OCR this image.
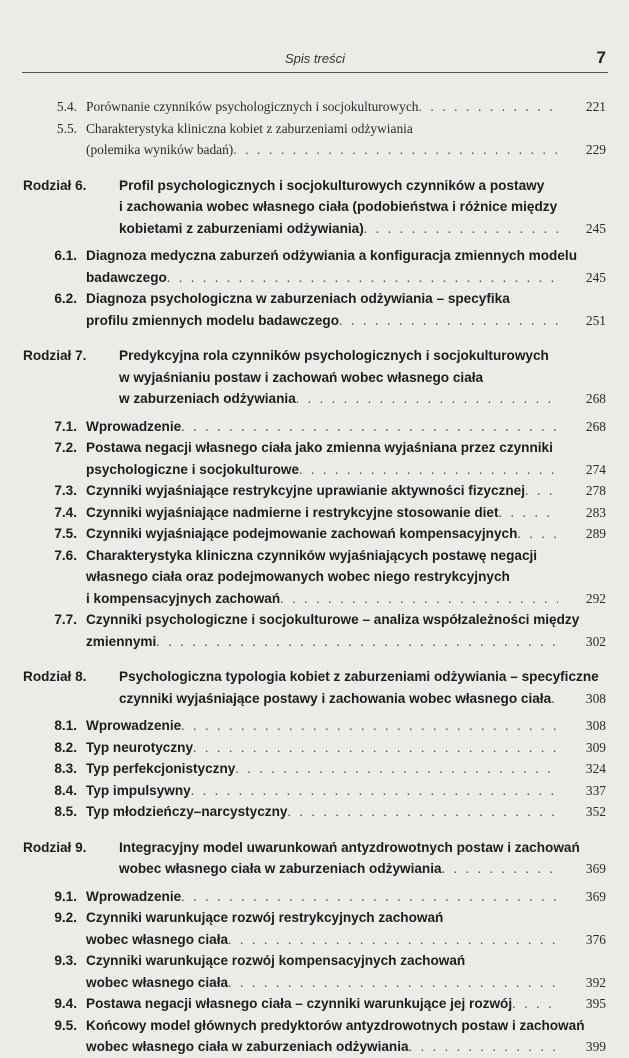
Spis treści	7
5.4. Porównanie czynników psychologicznych i socjokulturowych . . .	221
5.5. Charakterystyka kliniczna kobiet z zaburzeniami odżywiania
(polemika wyników badań) . . .	229
Rodział 6.	Profil psychologicznych i socjokulturowych czynników a postawy
i zachowania wobec własnego ciała (podobieństwa i różnice między
kobietami z zaburzeniami odżywiania) . . .	245
6.1. Diagnoza medyczna zaburzeń odżywiania a konfiguracja zmiennych modelu
badawczego . . .	245
6.2. Diagnoza psychologiczna w zaburzeniach odżywiania – specyfika
profilu zmiennych modelu badawczego . . .	251
Rodział 7.	Predykcyjna rola czynników psychologicznych i socjokulturowych
w wyjaśnianiu postaw i zachowań wobec własnego ciała
w zaburzeniach odżywiania . . .	268
7.1. Wprowadzenie . . .	268
7.2. Postawa negacji własnego ciała jako zmienna wyjaśniana przez czynniki
psychologiczne i socjokulturowe . . .	274
7.3. Czynniki wyjaśniające restrykcyjne uprawianie aktywności fizycznej . . .	278
7.4. Czynniki wyjaśniające nadmierne i restrykcyjne stosowanie diet . . .	283
7.5. Czynniki wyjaśniające podejmowanie zachowań kompensacyjnych . . .	289
7.6. Charakterystyka kliniczna czynników wyjaśniających postawę negacji
własnego ciała oraz podejmowanych wobec niego restrykcyjnych
i kompensacyjnych zachowań . . .	292
7.7. Czynniki psychologiczne i socjokulturowe – analiza współzależności między
zmiennymi . . .	302
Rodział 8.	Psychologiczna typologia kobiet z zaburzeniami odżywiania – specyficzne
czynniki wyjaśniające postawy i zachowania wobec własnego ciała . . .	308
8.1. Wprowadzenie . . .	308
8.2. Typ neurotyczny . . .	309
8.3. Typ perfekcjonistyczny . . .	324
8.4. Typ impulsywny . . .	337
8.5. Typ młodzieńczy–narcystyczny . . .	352
Rodział 9.	Integracyjny model uwarunkowań antyzdrowotnych postaw i zachowań
wobec własnego ciała w zaburzeniach odżywiania . . .	369
9.1. Wprowadzenie . . .	369
9.2. Czynniki warunkujące rozwój restrykcyjnych zachowań
wobec własnego ciała . . .	376
9.3. Czynniki warunkujące rozwój kompensacyjnych zachowań
wobec własnego ciała . . .	392
9.4. Postawa negacji własnego ciała – czynniki warunkujące jej rozwój . . .	395
9.5. Końcowy model głównych predyktorów antyzdrowotnych postaw i zachowań
wobec własnego ciała w zaburzeniach odżywiania . . .	399
